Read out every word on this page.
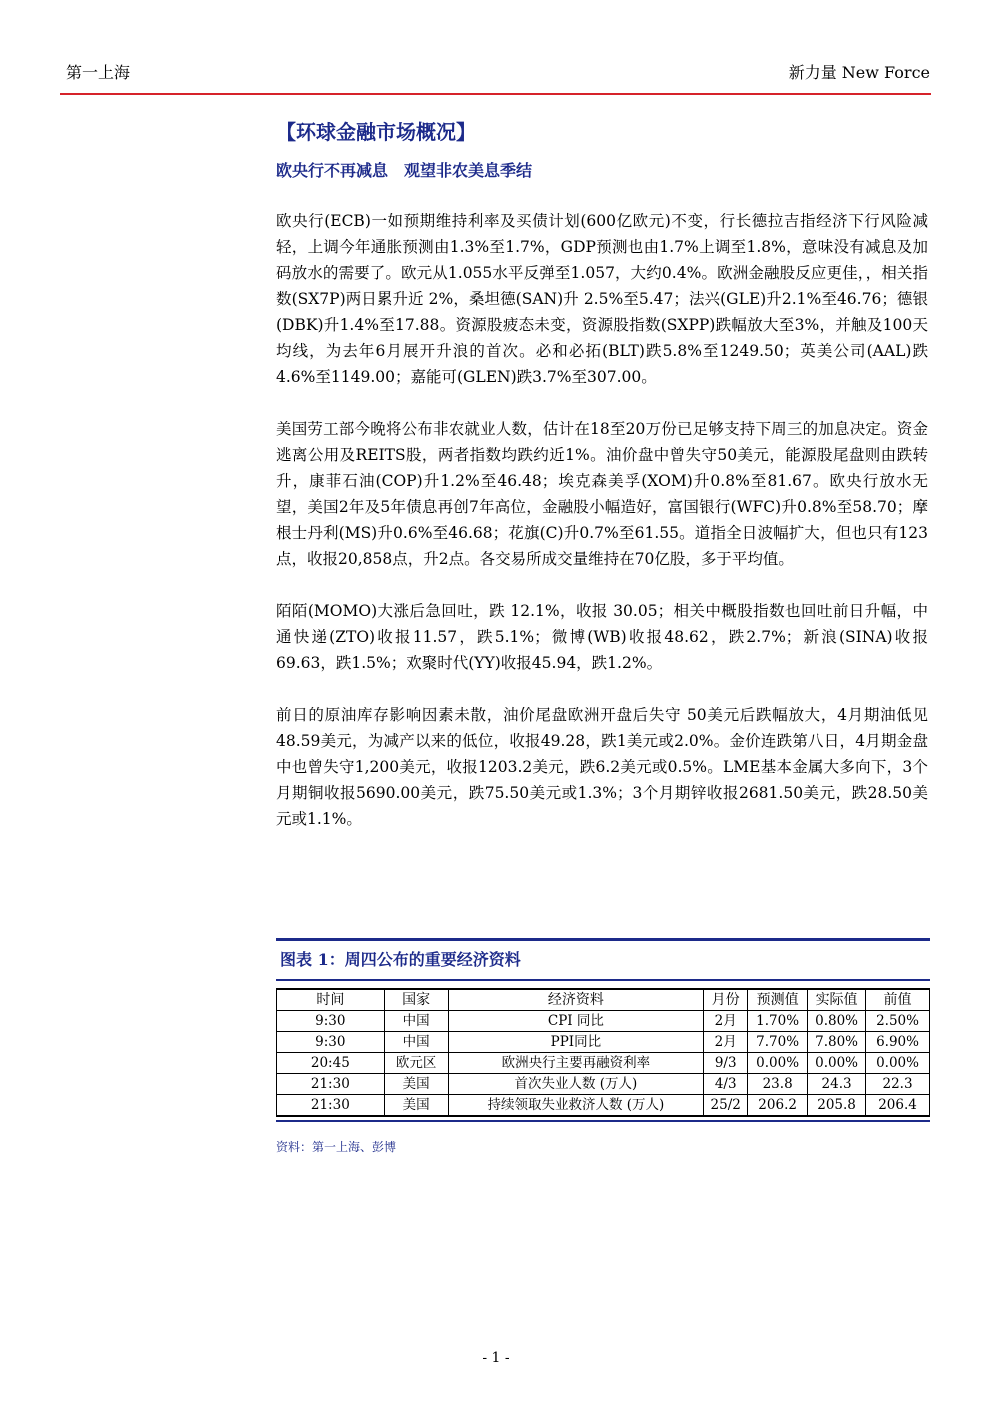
第一上海	新力量 New Force
【环球金融市场概况】
欧央行不再减息　观望非农美息季结

欧央行(ECB)一如预期维持利率及买债计划(600亿欧元)不变，行长德拉吉指经济下行风险减轻，上调今年通胀预测由1.3%至1.7%，GDP预测也由1.7%上调至1.8%，意味没有减息及加码放水的需要了。欧元从1.055水平反弹至1.057，大约0.4%。欧洲金融股反应更佳，，相关指数(SX7P)两日累升近 2%，桑坦德(SAN)升 2.5%至5.47；法兴(GLE)升2.1%至46.76；德银(DBK)升1.4%至17.88。资源股疲态未变，资源股指数(SXPP)跌幅放大至3%，并触及100天均线，为去年6月展开升浪的首次。必和必拓(BLT)跌5.8%至1249.50；英美公司(AAL)跌4.6%至1149.00；嘉能可(GLEN)跌3.7%至307.00。

美国劳工部今晚将公布非农就业人数，估计在18至20万份已足够支持下周三的加息决定。资金逃离公用及REITS股，两者指数均跌约近1%。油价盘中曾失守50美元，能源股尾盘则由跌转升，康菲石油(COP)升1.2%至46.48；埃克森美孚(XOM)升0.8%至81.67。欧央行放水无望，美国2年及5年债息再创7年高位，金融股小幅造好，富国银行(WFC)升0.8%至58.70；摩根士丹利(MS)升0.6%至46.68；花旗(C)升0.7%至61.55。道指全日波幅扩大，但也只有123点，收报20,858点，升2点。各交易所成交量维持在70亿股，多于平均值。

陌陌(MOMO)大涨后急回吐，跌 12.1%，收报 30.05；相关中概股指数也回吐前日升幅，中通快递(ZTO)收报11.57，跌5.1%；微博(WB)收报48.62，跌2.7%；新浪(SINA)收报69.63，跌1.5%；欢聚时代(YY)收报45.94，跌1.2%。

前日的原油库存影响因素未散，油价尾盘欧洲开盘后失守 50美元后跌幅放大，4月期油低见48.59美元，为减产以来的低位，收报49.28，跌1美元或2.0%。金价连跌第八日，4月期金盘中也曾失守1,200美元，收报1203.2美元，跌6.2美元或0.5%。LME基本金属大多向下，3个月期铜收报5690.00美元，跌75.50美元或1.3%；3个月期锌收报2681.50美元，跌28.50美元或1.1%。

图表 1：周四公布的重要经济资料
时间	国家	经济资料	月份	预测值	实际值	前值
9:30	中国	CPI 同比	2月	1.70%	0.80%	2.50%
9:30	中国	PPI同比	2月	7.70%	7.80%	6.90%
20:45	欧元区	欧洲央行主要再融资利率	9/3	0.00%	0.00%	0.00%
21:30	美国	首次失业人数 (万人)	4/3	23.8	24.3	22.3
21:30	美国	持续领取失业救济人数 (万人)	25/2	206.2	205.8	206.4
资料：第一上海、彭博
- 1 -
